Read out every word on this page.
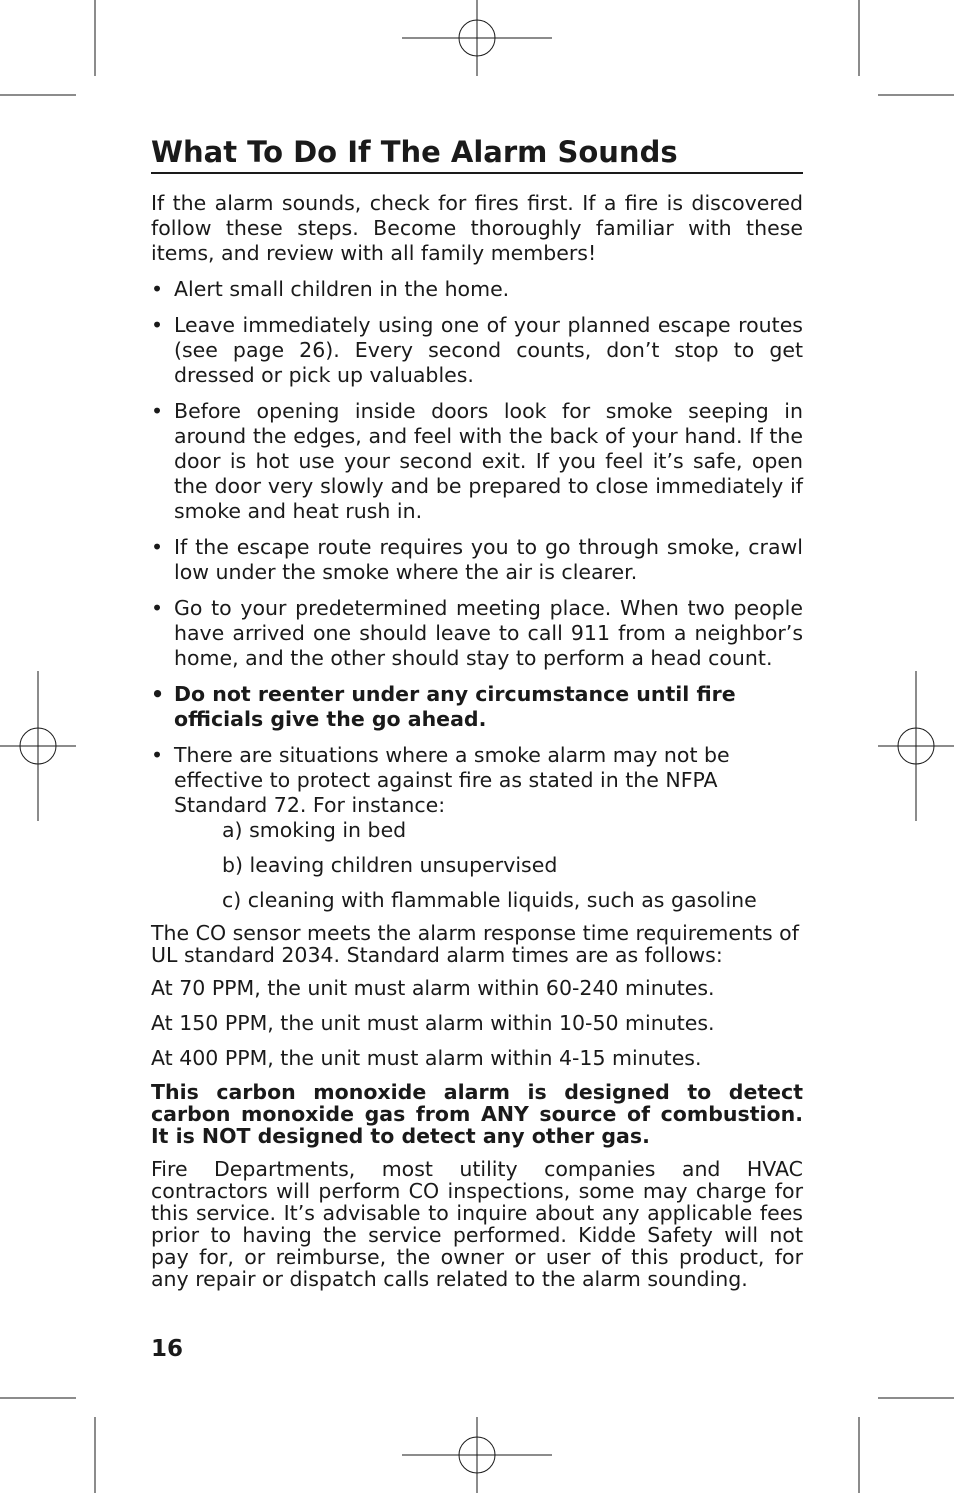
What To Do If The Alarm Sounds

If the alarm sounds, check for fires first. If a fire is discovered follow these steps. Become thoroughly familiar with these items, and review with all family members!

• Alert small children in the home.
• Leave immediately using one of your planned escape routes (see page 26). Every second counts, don’t stop to get dressed or pick up valuables.
• Before opening inside doors look for smoke seeping in around the edges, and feel with the back of your hand. If the door is hot use your second exit. If you feel it’s safe, open the door very slowly and be prepared to close immediately if smoke and heat rush in.
• If the escape route requires you to go through smoke, crawl low under the smoke where the air is clearer.
• Go to your predetermined meeting place. When two people have arrived one should leave to call 911 from a neighbor’s home, and the other should stay to perform a head count.
• Do not reenter under any circumstance until fire officials give the go ahead.
• There are situations where a smoke alarm may not be effective to protect against fire as stated in the NFPA Standard 72. For instance:
a) smoking in bed
b) leaving children unsupervised
c) cleaning with flammable liquids, such as gasoline
The CO sensor meets the alarm response time requirements of UL standard 2034. Standard alarm times are as follows:
At 70 PPM, the unit must alarm within 60-240 minutes.
At 150 PPM, the unit must alarm within 10-50 minutes.
At 400 PPM, the unit must alarm within 4-15 minutes.
This carbon monoxide alarm is designed to detect carbon monoxide gas from ANY source of combustion. It is NOT designed to detect any other gas.
Fire Departments, most utility companies and HVAC contractors will perform CO inspections, some may charge for this service. It’s advisable to inquire about any applicable fees prior to having the service performed. Kidde Safety will not pay for, or reimburse, the owner or user of this product, for any repair or dispatch calls related to the alarm sounding.
16
